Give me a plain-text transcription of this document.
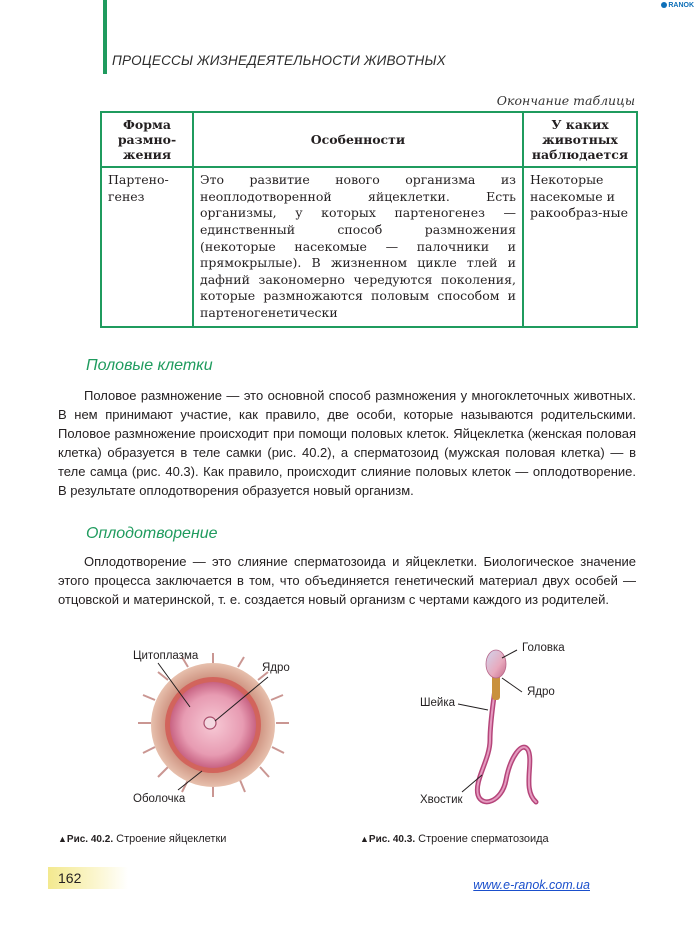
RANOK
ПРОЦЕССЫ ЖИЗНЕДЕЯТЕЛЬНОСТИ ЖИВОТНЫХ
Окончание таблицы
Форма размно-жения	Особенности	У каких животных наблюдается
Партено-генез	Это развитие нового организма из неоплодотворенной яйцеклетки. Есть организмы, у которых партеногенез — единственный способ размножения (некоторые насекомые — палочники и прямокрылые). В жизненном цикле тлей и дафний закономерно чередуются поколения, которые размножаются половым способом и партеногенетически	Некоторые насекомые и ракообраз-ные
Половые клетки

Половое размножение — это основной способ размножения у многоклеточных животных. В нем принимают участие, как правило, две особи, которые называются родительскими. Половое размножение происходит при помощи половых клеток. Яйцеклетка (женская половая клетка) образуется в теле самки (рис. 40.2), а сперматозоид (мужская половая клетка) — в теле самца (рис. 40.3). Как правило, происходит слияние половых клеток — оплодотворение. В результате оплодотворения образуется новый организм.

Оплодотворение

Оплодотворение — это слияние сперматозоида и яйцеклетки. Биологическое значение этого процесса заключается в том, что объединяется генетический материал двух особей — отцовской и материнской, т. е. создается новый организм с чертами каждого из родителей.

Цитоплазма
Ядро
Оболочка
Головка
Ядро
Шейка
Хвостик
▲Рис. 40.2. Строение яйцеклетки	▲Рис. 40.3. Строение сперматозоида
162	www.e-ranok.com.ua
